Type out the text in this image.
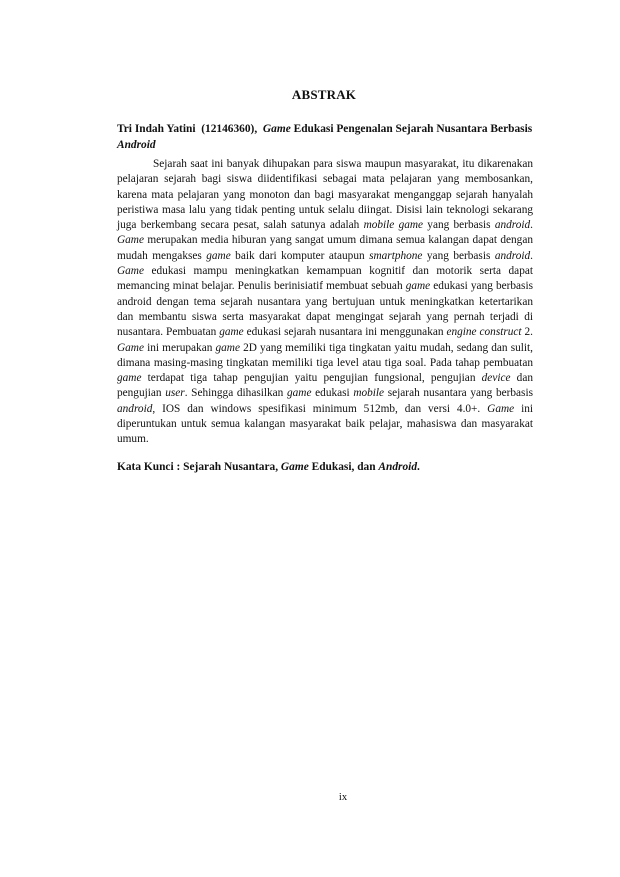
ABSTRAK
Tri Indah Yatini (12146360), Game Edukasi Pengenalan Sejarah Nusantara Berbasis Android

Sejarah saat ini banyak dihupakan para siswa maupun masyarakat, itu dikarenakan pelajaran sejarah bagi siswa diidentifikasi sebagai mata pelajaran yang membosankan, karena mata pelajaran yang monoton dan bagi masyarakat menganggap sejarah hanyalah peristiwa masa lalu yang tidak penting untuk selalu diingat. Disisi lain teknologi sekarang juga berkembang secara pesat, salah satunya adalah mobile game yang berbasis android. Game merupakan media hiburan yang sangat umum dimana semua kalangan dapat dengan mudah mengakses game baik dari komputer ataupun smartphone yang berbasis android. Game edukasi mampu meningkatkan kemampuan kognitif dan motorik serta dapat memancing minat belajar. Penulis berinisiatif membuat sebuah game edukasi yang berbasis android dengan tema sejarah nusantara yang bertujuan untuk meningkatkan ketertarikan dan membantu siswa serta masyarakat dapat mengingat sejarah yang pernah terjadi di nusantara. Pembuatan game edukasi sejarah nusantara ini menggunakan engine construct 2. Game ini merupakan game 2D yang memiliki tiga tingkatan yaitu mudah, sedang dan sulit, dimana masing-masing tingkatan memiliki tiga level atau tiga soal. Pada tahap pembuatan game terdapat tiga tahap pengujian yaitu pengujian fungsional, pengujian device dan pengujian user. Sehingga dihasilkan game edukasi mobile sejarah nusantara yang berbasis android, IOS dan windows spesifikasi minimum 512mb, dan versi 4.0+. Game ini diperuntukan untuk semua kalangan masyarakat baik pelajar, mahasiswa dan masyarakat umum.

Kata Kunci : Sejarah Nusantara, Game Edukasi, dan Android.
ix
